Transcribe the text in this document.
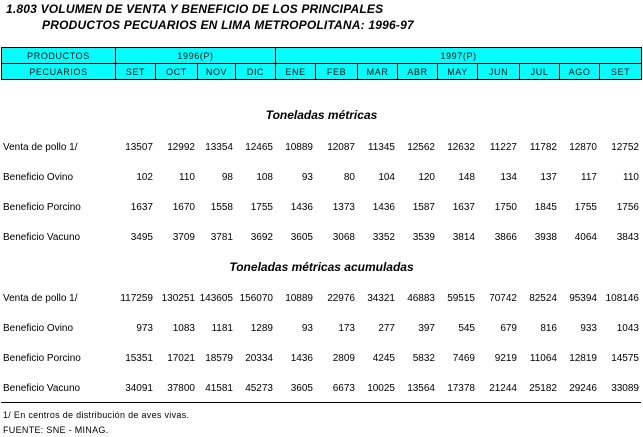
1.803 VOLUMEN DE VENTA Y BENEFICIO DE LOS PRINCIPALES
PRODUCTOS PECUARIOS EN LIMA METROPOLITANA: 1996-97
PRODUCTOS	1996(P)				1997(P)								
PECUARIOS	SET	OCT	NOV	DIC	ENE	FEB	MAR	ABR	MAY	JUN	JUL	AGO	SET
Toneladas métricas
Venta de pollo 1/	13507	12992	13354	12465	10889	12087	11345	12562	12632	11227	11782	12870	12752
Beneficio Ovino	102	110	98	108	93	80	104	120	148	134	137	117	110
Beneficio Porcino	1637	1670	1558	1755	1436	1373	1436	1587	1637	1750	1845	1755	1756
Beneficio Vacuno	3495	3709	3781	3692	3605	3068	3352	3539	3814	3866	3938	4064	3843
Toneladas métricas acumuladas
Venta de pollo 1/	117259	130251	143605	156070	10889	22976	34321	46883	59515	70742	82524	95394	108146
Beneficio Ovino	973	1083	1181	1289	93	173	277	397	545	679	816	933	1043
Beneficio Porcino	15351	17021	18579	20334	1436	2809	4245	5832	7469	9219	11064	12819	14575
Beneficio Vacuno	34091	37800	41581	45273	3605	6673	10025	13564	17378	21244	25182	29246	33089
1/ En centros de distribución de aves vivas.
FUENTE: SNE - MINAG.
